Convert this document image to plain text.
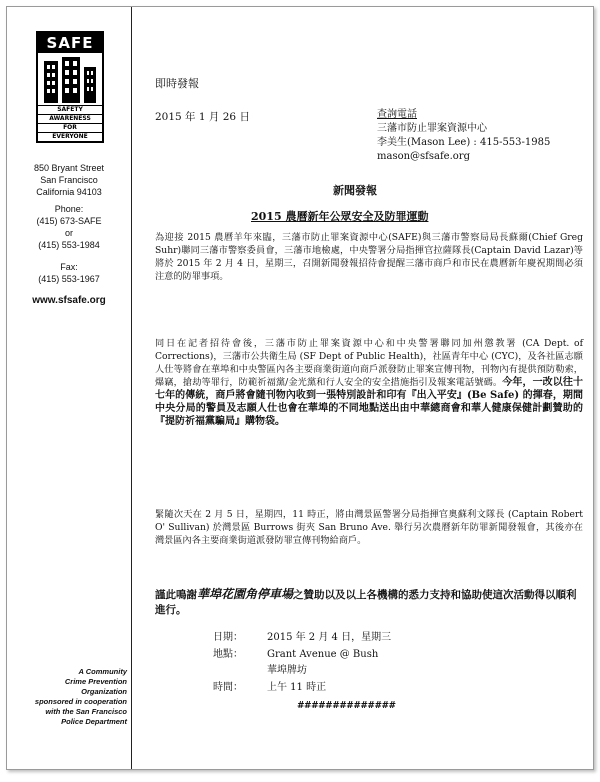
SAFE
SAFETY
AWARENESS
FOR
EVERYONE
850 Bryant Street
San Francisco
California 94103
Phone:
(415) 673-SAFE
or
(415) 553-1984
Fax:
(415) 553-1967
www.sfsafe.org
A Community
Crime Prevention
Organization
sponsored in cooperation
with the San Francisco
Police Department
即時發報
2015 年 1 月 26 日	查詢電話
三藩市防止罪案資源中心
李美生(Mason Lee) : 415-553-1985
mason@sfsafe.org
新聞發報
2015 農曆新年公眾安全及防罪運動
為迎接 2015 農曆羊年來臨，三藩市防止罪案資源中心(SAFE)與三藩市警察局局長蘇爾(Chief Greg Suhr)聯同三藩市警察委員會，三藩市地檢處，中央警署分局指揮官拉薩隊長(Captain David Lazar)等將於 2015 年 2 月 4 日，星期三，召開新聞發報招待會提醒三藩市商戶和市民在農曆新年慶祝期間必須注意的防罪事項。
同日在記者招待會後，三藩市防止罪案資源中心和中央警署聯同加州懲教署 (CA Dept. of Corrections)，三藩市公共衛生局 (SF Dept of Public Health)，社區青年中心 (CYC)，及各社區志願人仕等將會在華埠和中央警區內各主要商業街道向商戶派發防止罪案宣傳刊物，刊物內有提供預防勒索，爆竊，搶劫等罪行，防範祈福黨/金光黨和行人安全的安全措施指引及報案電話號碼。今年，一改以往十七年的傳統，商戶將會隨刊物內收到一張特別設計和印有『出入平安』(Be Safe) 的揮春，期間中央分局的警員及志願人仕也會在華埠的不同地點送出由中華總商會和華人健康保健計劃贊助的『提防祈福黨騙局』購物袋。
緊隨次天在 2 月 5 日，星期四，11 時正，將由灣景區警署分局指揮官奧蘇利文隊長 (Captain Robert O' Sullivan) 於灣景區 Burrows 街夾 San Bruno Ave. 舉行另次農曆新年防罪新聞發報會，其後亦在灣景區內各主要商業街道派發防罪宣傳刊物給商戶。
謹此鳴謝華埠花園角停車場之贊助以及以上各機構的悉力支持和協助使這次活動得以順利進行。
日期： 2015 年 2 月 4 日，星期三
地點： Grant Avenue @ Bush
華埠牌坊
時間： 上午 11 時正
##############
